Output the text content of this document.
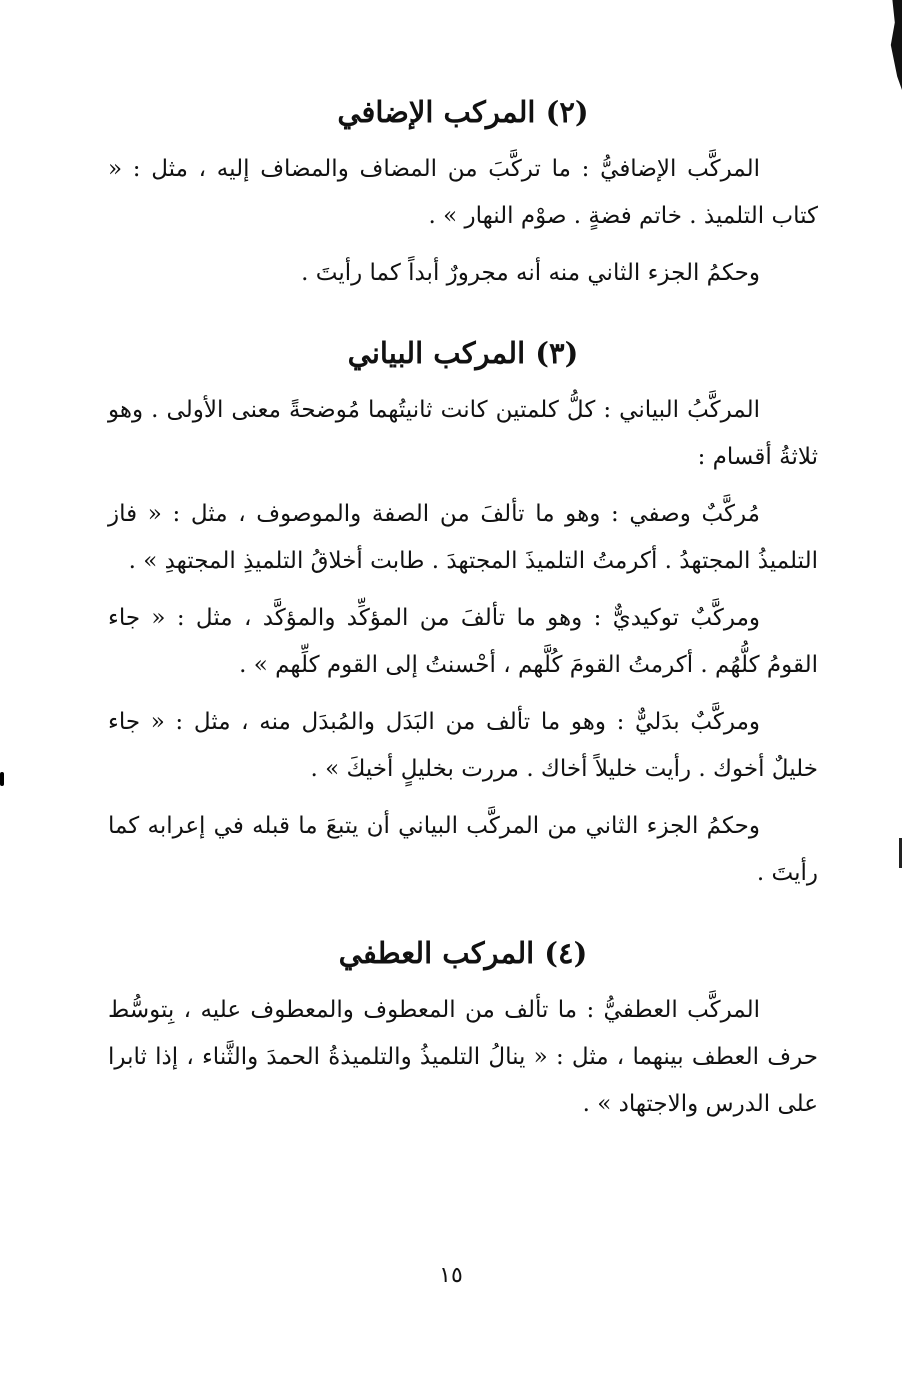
(٢) المركب الإضافي

المركَّب الإضافيُّ : ما تركَّبَ من المضاف والمضاف إليه ، مثل : « كتاب التلميذ . خاتم فضةٍ . صوْم النهار » .

وحكمُ الجزء الثاني منه أنه مجرورٌ أبداً كما رأيتَ .

(٣) المركب البياني

المركَّبُ البياني : كلُّ كلمتين كانت ثانيتُهما مُوضحةً معنى الأولى . وهو ثلاثةُ أقسام :

مُركَّبٌ وصفي : وهو ما تألفَ من الصفة والموصوف ، مثل : « فاز التلميذُ المجتهدُ . أكرمتُ التلميذَ المجتهدَ . طابت أخلاقُ التلميذِ المجتهدِ » .

ومركَّبٌ توكيديٌّ : وهو ما تألفَ من المؤكِّد والمؤكَّد ، مثل : « جاء القومُ كلُّهُم . أكرمتُ القومَ كُلَّهم ، أحْسنتُ إلى القوم كلِّهم » .

ومركَّبٌ بدَليٌّ : وهو ما تألف من البَدَل والمُبدَل منه ، مثل : « جاء خليلٌ أخوك . رأيت خليلاً أخاك . مررت بخليلٍ أخيكَ » .

وحكمُ الجزء الثاني من المركَّب البياني أن يتبعَ ما قبله في إعرابه كما رأيتَ .

(٤) المركب العطفي

المركَّب العطفيُّ : ما تألف من المعطوف والمعطوف عليه ، بِتوسُّط حرف العطف بينهما ، مثل : « ينالُ التلميذُ والتلميذةُ الحمدَ والثَّناء ، إذا ثابرا على الدرس والاجتهاد » .

١٥
